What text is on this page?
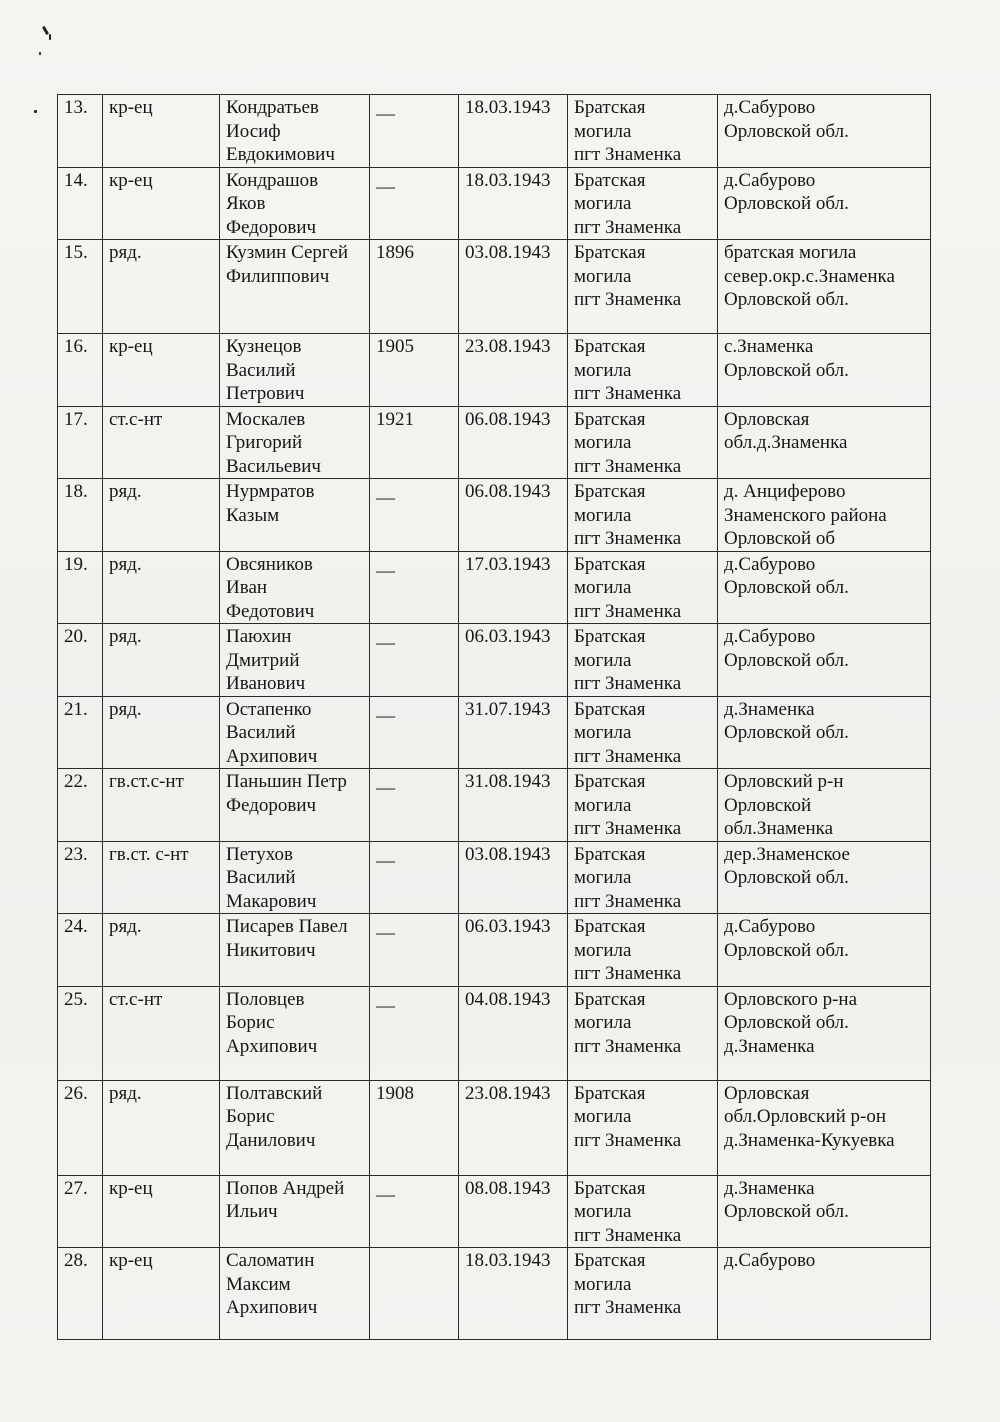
13.	кр-ец	Кондратьев
Иосиф
Евдокимович	__	18.03.1943	Братская
могила
пгт Знаменка	д.Сабурово
Орловской обл.
14.	кр-ец	Кондрашов
Яков
Федорович	__	18.03.1943	Братская
могила
пгт Знаменка	д.Сабурово
Орловской обл.
15.	ряд.	Кузмин Сергей
Филиппович	1896	03.08.1943	Братская
могила
пгт Знаменка	братская могила
север.окр.с.Знаменка
Орловской обл.
16.	кр-ец	Кузнецов
Василий
Петрович	1905	23.08.1943	Братская
могила
пгт Знаменка	с.Знаменка
Орловской обл.
17.	ст.с-нт	Москалев
Григорий
Васильевич	1921	06.08.1943	Братская
могила
пгт Знаменка	Орловская
обл.д.Знаменка
18.	ряд.	Нурмратов
Казым	__	06.08.1943	Братская
могила
пгт Знаменка	д. Анциферово
Знаменского района
Орловской об
19.	ряд.	Овсяников
Иван
Федотович	__	17.03.1943	Братская
могила
пгт Знаменка	д.Сабурово
Орловской обл.
20.	ряд.	Паюхин
Дмитрий
Иванович	__	06.03.1943	Братская
могила
пгт Знаменка	д.Сабурово
Орловской обл.
21.	ряд.	Остапенко
Василий
Архипович	__	31.07.1943	Братская
могила
пгт Знаменка	д.Знаменка
Орловской обл.
22.	гв.ст.с-нт	Паньшин Петр
Федорович	__	31.08.1943	Братская
могила
пгт Знаменка	Орловский р-н
Орловской
обл.Знаменка
23.	гв.ст. с-нт	Петухов
Василий
Макарович	__	03.08.1943	Братская
могила
пгт Знаменка	дер.Знаменское
Орловской обл.
24.	ряд.	Писарев Павел
Никитович	__	06.03.1943	Братская
могила
пгт Знаменка	д.Сабурово
Орловской обл.
25.	ст.с-нт	Половцев
Борис
Архипович	__	04.08.1943	Братская
могила
пгт Знаменка	Орловского р-на
Орловской обл.
д.Знаменка
26.	ряд.	Полтавский
Борис
Данилович	1908	23.08.1943	Братская
могила
пгт Знаменка	Орловская
обл.Орловский р-он
д.Знаменка-Кукуевка
27.	кр-ец	Попов Андрей
Ильич	__	08.08.1943	Братская
могила
пгт Знаменка	д.Знаменка
Орловской обл.
28.	кр-ец	Саломатин
Максим
Архипович		18.03.1943	Братская
могила
пгт Знаменка	д.Сабурово
